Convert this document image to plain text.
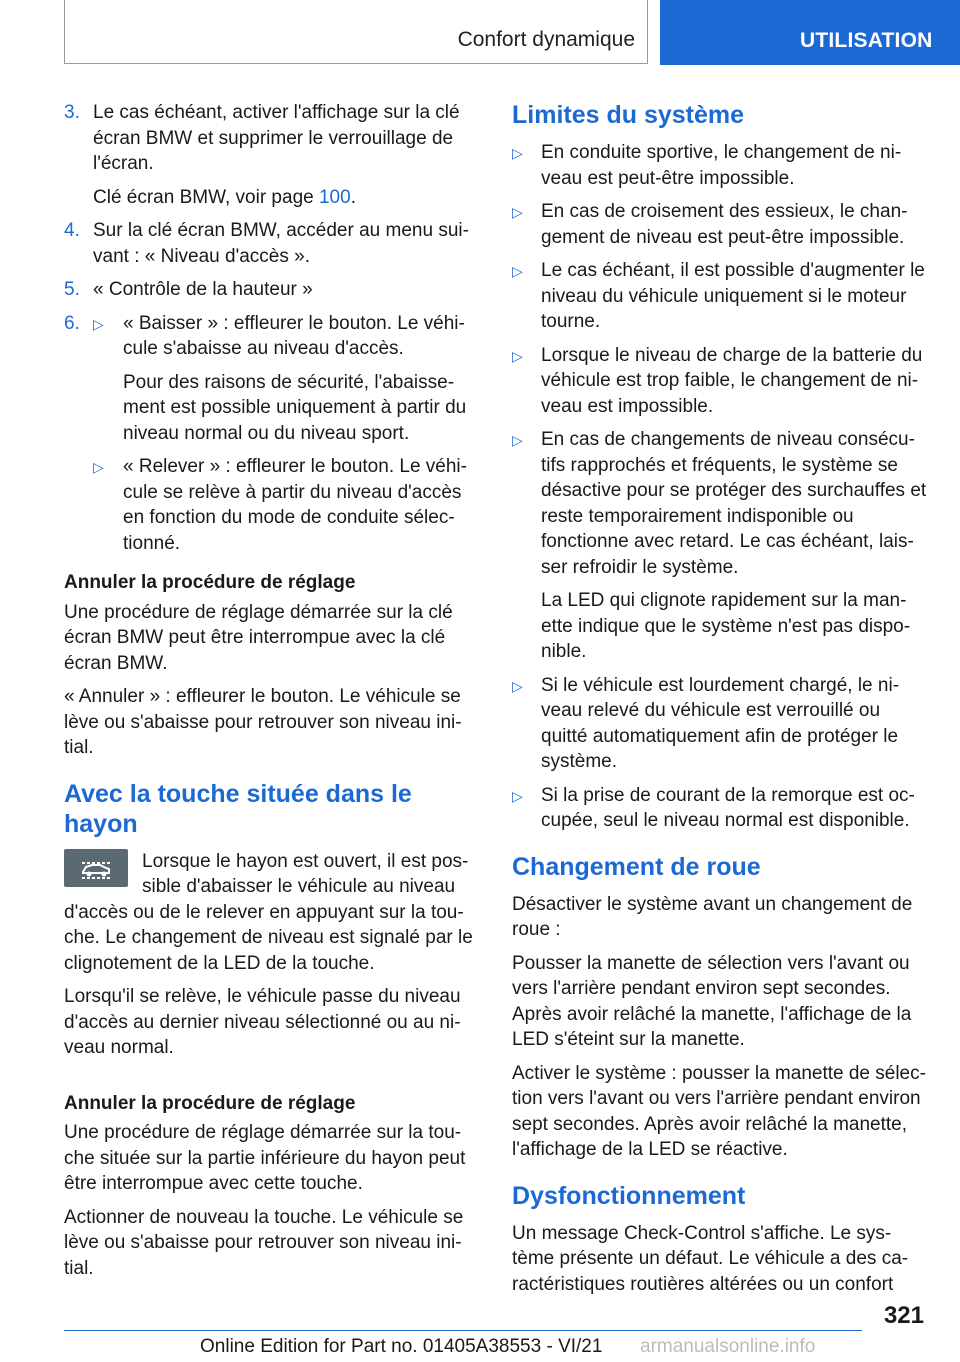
Confort dynamique	UTILISATION
3. Le cas échéant, activer l'affichage sur la clé écran BMW et supprimer le verrouillage de l'écran.
Clé écran BMW, voir page 100.
4. Sur la clé écran BMW, accéder au menu sui‐ vant : « Niveau d'accès ».
5. « Contrôle de la hauteur »
6. ▷ « Baisser » : effleurer le bouton. Le véhi‐ cule s'abaisse au niveau d'accès.
Pour des raisons de sécurité, l'abaisse‐ ment est possible uniquement à partir du niveau normal ou du niveau sport.
▷ « Relever » : effleurer le bouton. Le véhi‐ cule se relève à partir du niveau d'accès en fonction du mode de conduite sélec‐ tionné.
Annuler la procédure de réglage

Une procédure de réglage démarrée sur la clé écran BMW peut être interrompue avec la clé écran BMW.

« Annuler » : effleurer le bouton. Le véhicule se lève ou s'abaisse pour retrouver son niveau ini‐ tial.

Avec la touche située dans le hayon

Lorsque le hayon est ouvert, il est pos‐ sible d'abaisser le véhicule au niveau d'accès ou de le relever en appuyant sur la tou‐ che. Le changement de niveau est signalé par le clignotement de la LED de la touche.

Lorsqu'il se relève, le véhicule passe du niveau d'accès au dernier niveau sélectionné ou au ni‐ veau normal.

Annuler la procédure de réglage

Une procédure de réglage démarrée sur la tou‐ che située sur la partie inférieure du hayon peut être interrompue avec cette touche.

Actionner de nouveau la touche. Le véhicule se lève ou s'abaisse pour retrouver son niveau ini‐ tial.

Limites du système
▷ En conduite sportive, le changement de ni‐ veau est peut-être impossible.
▷ En cas de croisement des essieux, le chan‐ gement de niveau est peut-être impossible.
▷ Le cas échéant, il est possible d'augmenter le niveau du véhicule uniquement si le moteur tourne.
▷ Lorsque le niveau de charge de la batterie du véhicule est trop faible, le changement de ni‐ veau est impossible.
▷ En cas de changements de niveau consécu‐ tifs rapprochés et fréquents, le système se désactive pour se protéger des surchauffes et reste temporairement indisponible ou fonctionne avec retard. Le cas échéant, lais‐ ser refroidir le système.
La LED qui clignote rapidement sur la man‐ ette indique que le système n'est pas dispo‐ nible.
▷ Si le véhicule est lourdement chargé, le ni‐ veau relevé du véhicule est verrouillé ou quitté automatiquement afin de protéger le système.
▷ Si la prise de courant de la remorque est oc‐ cupée, seul le niveau normal est disponible.
Changement de roue

Désactiver le système avant un changement de roue :

Pousser la manette de sélection vers l'avant ou vers l'arrière pendant environ sept secondes. Après avoir relâché la manette, l'affichage de la LED s'éteint sur la manette.

Activer le système : pousser la manette de sélec‐ tion vers l'avant ou vers l'arrière pendant environ sept secondes. Après avoir relâché la manette, l'affichage de la LED se réactive.

Dysfonctionnement

Un message Check-Control s'affiche. Le sys‐ tème présente un défaut. Le véhicule a des ca‐ ractéristiques routières altérées ou un confort

321
Online Edition for Part no. 01405A38553 - VI/21 armanualsonline.info
